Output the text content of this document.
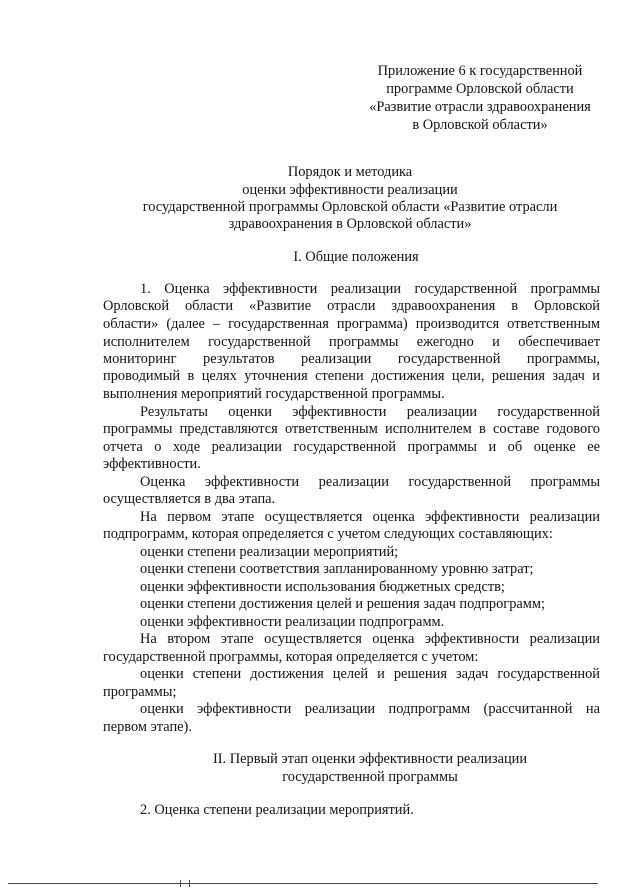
Приложение 6 к государственной
программе Орловской области
«Развитие отрасли здравоохранения
в Орловской области»
Порядок и методика
оценки эффективности реализации
государственной программы Орловской области «Развитие отрасли
здравоохранения в Орловской области»
I. Общие положения
1. Оценка эффективности реализации государственной программы
Орловской области «Развитие отрасли здравоохранения в Орловской
области» (далее – государственная программа) производится ответственным
исполнителем государственной программы ежегодно и обеспечивает
мониторинг результатов реализации государственной программы,
проводимый в целях уточнения степени достижения цели, решения задач и
выполнения мероприятий государственной программы.
Результаты оценки эффективности реализации государственной
программы представляются ответственным исполнителем в составе годового
отчета о ходе реализации государственной программы и об оценке ее
эффективности.
Оценка эффективности реализации государственной программы
осуществляется в два этапа.
На первом этапе осуществляется оценка эффективности реализации
подпрограмм, которая определяется с учетом следующих составляющих:
оценки степени реализации мероприятий;
оценки степени соответствия запланированному уровню затрат;
оценки эффективности использования бюджетных средств;
оценки степени достижения целей и решения задач подпрограмм;
оценки эффективности реализации подпрограмм.
На втором этапе осуществляется оценка эффективности реализации
государственной программы, которая определяется с учетом:
оценки степени достижения целей и решения задач государственной
программы;
оценки эффективности реализации подпрограмм (рассчитанной на
первом этапе).
II. Первый этап оценки эффективности реализации
государственной программы
2. Оценка степени реализации мероприятий.
